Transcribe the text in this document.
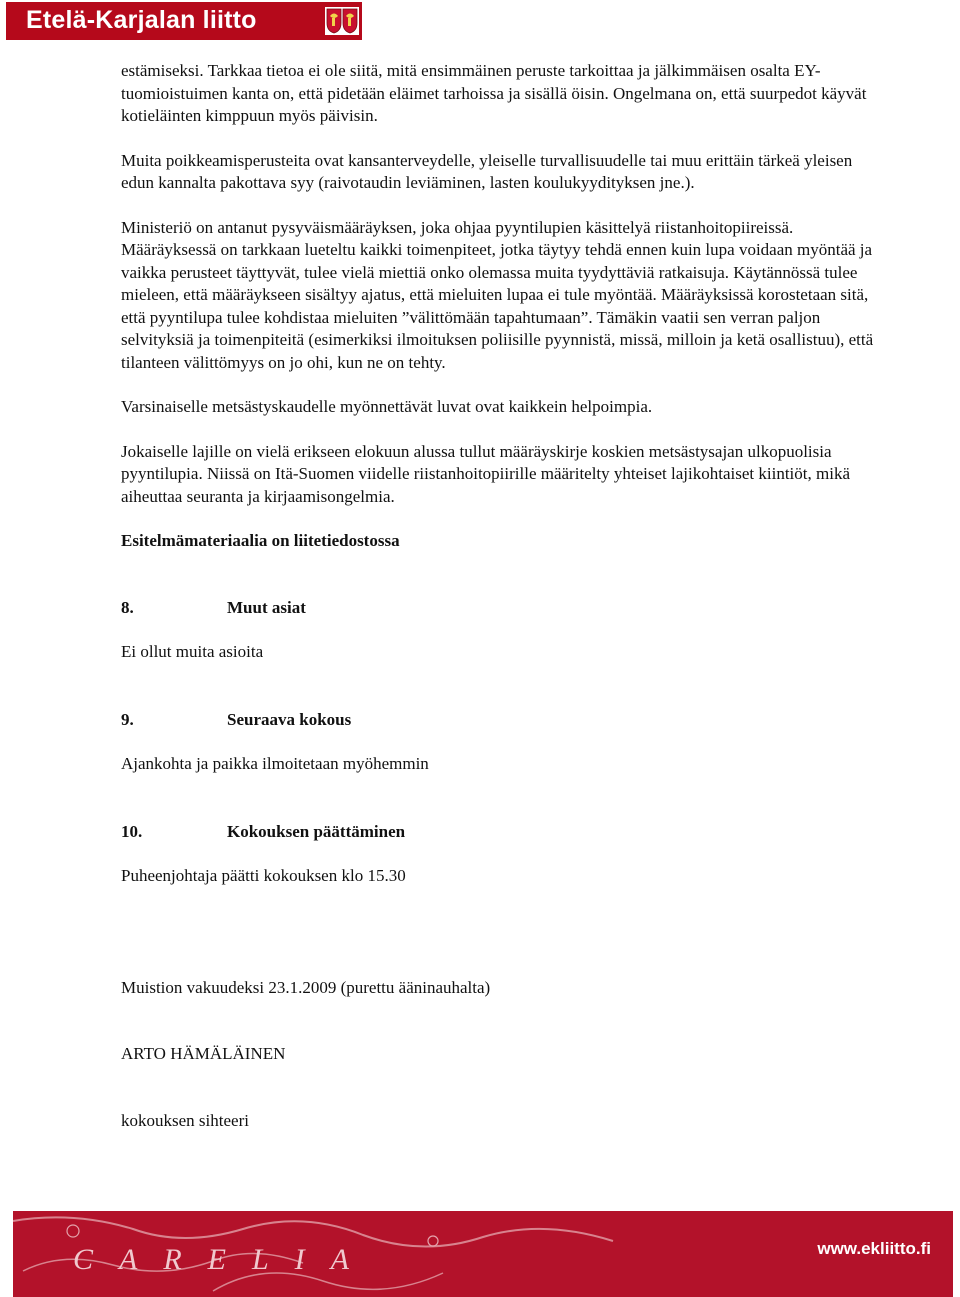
Etelä-Karjalan liitto

estämiseksi. Tarkkaa tietoa ei ole siitä, mitä ensimmäinen peruste tarkoittaa ja jälkimmäisen osalta EY-tuomioistuimen kanta on, että pidetään eläimet tarhoissa ja sisällä öisin. Ongelmana on, että suurpedot käyvät kotieläinten kimppuun myös päivisin.

Muita poikkeamisperusteita ovat kansanterveydelle, yleiselle turvallisuudelle tai muu erittäin tärkeä yleisen edun kannalta pakottava syy (raivotaudin leviäminen, lasten koulukyydityksen jne.).

Ministeriö on antanut pysyväismääräyksen, joka ohjaa pyyntilupien käsittelyä riistanhoitopiireissä. Määräyksessä on tarkkaan lueteltu kaikki toimenpiteet, jotka täytyy tehdä ennen kuin lupa voidaan myöntää ja vaikka perusteet täyttyvät, tulee vielä miettiä onko olemassa muita tyydyttäviä ratkaisuja. Käytännössä tulee mieleen, että määräykseen sisältyy ajatus, että mieluiten lupaa ei tule myöntää. Määräyksissä korostetaan sitä, että pyyntilupa tulee kohdistaa mieluiten ”välittömään tapahtumaan”. Tämäkin vaatii sen verran paljon selvityksiä ja toimenpiteitä (esimerkiksi ilmoituksen poliisille pyynnistä, missä, milloin ja ketä osallistuu), että tilanteen välittömyys on jo ohi, kun ne on tehty.

Varsinaiselle metsästyskaudelle myönnettävät luvat ovat kaikkein helpoimpia.

Jokaiselle lajille on vielä erikseen elokuun alussa tullut määräyskirje koskien metsästysajan ulkopuolisia pyyntilupia. Niissä on Itä-Suomen viidelle riistanhoitopiirille määritelty yhteiset lajikohtaiset kiintiöt, mikä aiheuttaa seuranta ja kirjaamisongelmia.

Esitelmämateriaalia on liitetiedostossa

8.	Muut asiat

Ei ollut muita asioita

9.	Seuraava kokous

Ajankohta ja paikka ilmoitetaan myöhemmin

10.	Kokouksen päättäminen

Puheenjohtaja päätti kokouksen klo 15.30

Muistion vakuudeksi 23.1.2009 (purettu ääninauhalta)

ARTO HÄMÄLÄINEN

kokouksen sihteeri

CARELIA	www.ekliitto.fi
